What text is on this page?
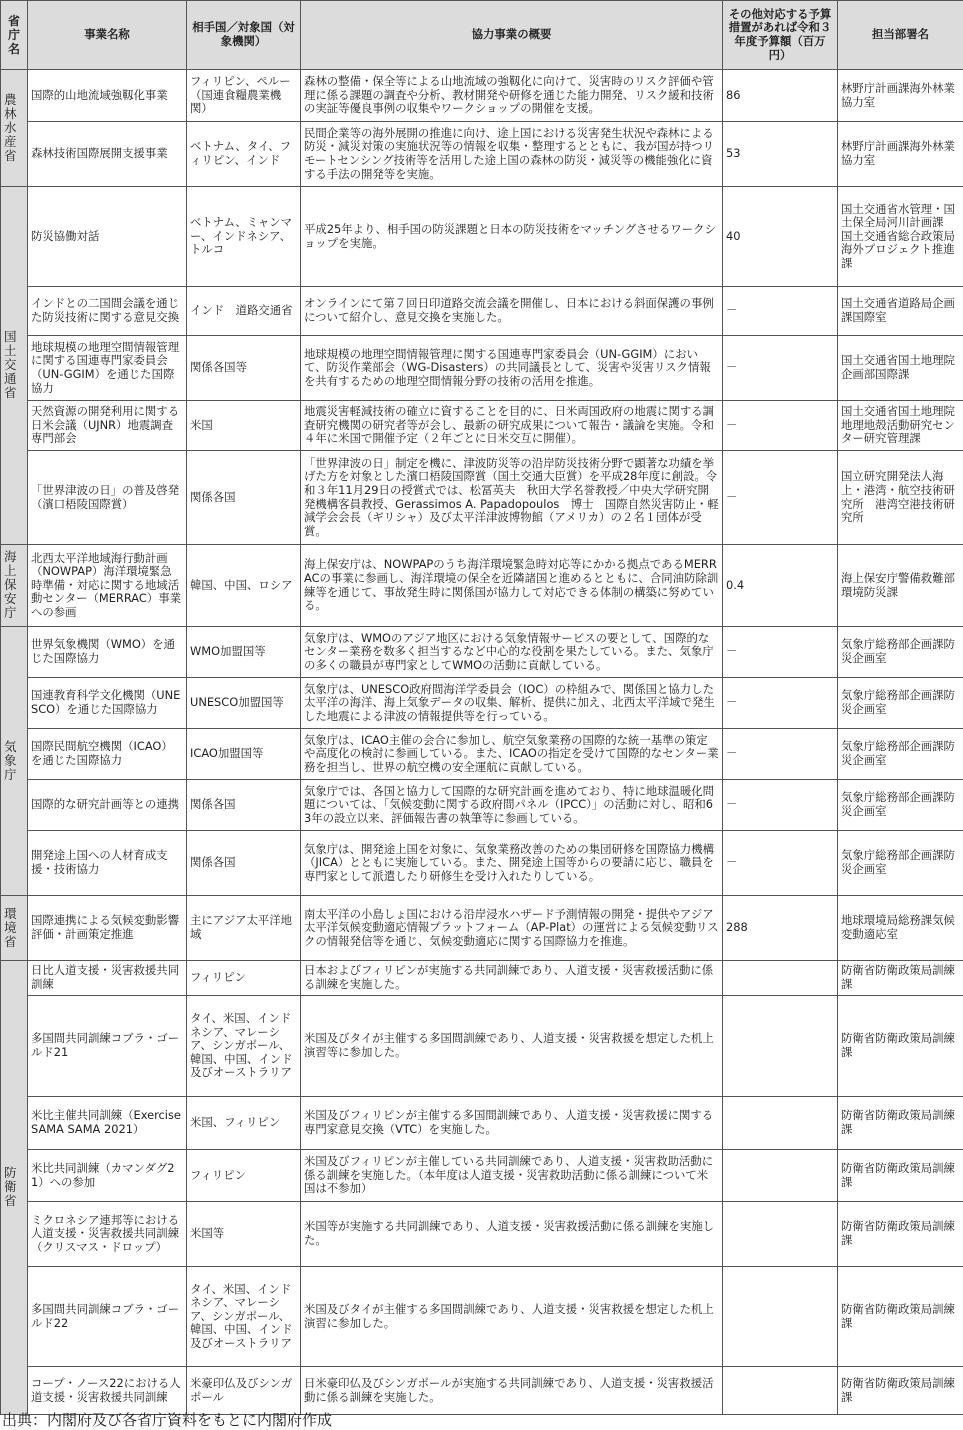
省庁名	事業名称	相手国／対象国（対象機関）	協力事業の概要	その他対応する予算措置があれば令和３年度予算額（百万円）	担当部署名
農林水産省	国際的山地流域強靱化事業	フィリピン、ペルー（国連食糧農業機関）	森林の整備・保全等による山地流域の強靱化に向けて、災害時のリスク評価や管理に係る課題の調査や分析、教材開発や研修を通じた能力開発、リスク緩和技術の実証等優良事例の収集やワークショップの開催を支援。	86	林野庁計画課海外林業協力室
	森林技術国際展開支援事業	ベトナム、タイ、フィリピン、インド	民間企業等の海外展開の推進に向け、途上国における災害発生状況や森林による防災・減災対策の実施状況等の情報を収集・整理するとともに、我が国が持つリモートセンシング技術等を活用した途上国の森林の防災・減災等の機能強化に資する手法の開発等を実施。	53	林野庁計画課海外林業協力室
国土交通省	防災協働対話	ベトナム、ミャンマー、インドネシア、トルコ	平成25年より、相手国の防災課題と日本の防災技術をマッチングさせるワークショップを実施。	40	国土交通省水管理・国土保全局河川計画課　国土交通省総合政策局海外プロジェクト推進課
	インドとの二国間会議を通じた防災技術に関する意見交換	インド　道路交通省	オンラインにて第７回日印道路交流会議を開催し、日本における斜面保護の事例について紹介し、意見交換を実施した。	－	国土交通省道路局企画課国際室
	地球規模の地理空間情報管理に関する国連専門家委員会（UN-GGIM）を通じた国際協力	関係各国等	地球規模の地理空間情報管理に関する国連専門家委員会（UN-GGIM）において、防災作業部会（WG-Disasters）の共同議長として、災害や災害リスク情報を共有するための地理空間情報分野の技術の活用を推進。	－	国土交通省国土地理院企画部国際課
	天然資源の開発利用に関する日米会議（UJNR）地震調査専門部会	米国	地震災害軽減技術の確立に資することを目的に、日米両国政府の地震に関する調査研究機関の研究者等が会し、最新の研究成果について報告・議論を実施。令和４年に米国で開催予定（２年ごとに日米交互に開催）。	－	国土交通省国土地理院地理地殻活動研究センター研究管理課
	「世界津波の日」の普及啓発（濱口梧陵国際賞）	関係各国	「世界津波の日」制定を機に、津波防災等の沿岸防災技術分野で顕著な功績を挙げた方を対象とした濱口梧陵国際賞（国土交通大臣賞）を平成28年度に創設。令和３年11月29日の授賞式では、松冨英夫　秋田大学名誉教授／中央大学研究開発機構客員教授、Gerassimos A. Papadopoulos　博士　国際自然災害防止・軽減学会会長（ギリシャ）及び太平洋津波博物館（アメリカ）の２名１団体が受賞。	－	国立研究開発法人海上・港湾・航空技術研究所　港湾空港技術研究所
海上保安庁	北西太平洋地域海行動計画（NOWPAP）海洋環境緊急時準備・対応に関する地域活動センター（MERRAC）事業への参画	韓国、中国、ロシア	海上保安庁は、NOWPAPのうち海洋環境緊急時対応等にかかる拠点であるMERRACの事業に参画し、海洋環境の保全を近隣諸国と進めるとともに、合同油防除訓練等を通じて、事故発生時に関係国が協力して対応できる体制の構築に努めている。	0.4	海上保安庁警備救難部環境防災課
気象庁	世界気象機関（WMO）を通じた国際協力	WMO加盟国等	気象庁は、WMOのアジア地区における気象情報サービスの要として、国際的なセンター業務を数多く担当するなど中心的な役割を果たしている。また、気象庁の多くの職員が専門家としてWMOの活動に貢献している。	－	気象庁総務部企画課防災企画室
	国連教育科学文化機関（UNESCO）を通じた国際協力	UNESCO加盟国等	気象庁は、UNESCO政府間海洋学委員会（IOC）の枠組みで、関係国と協力した太平洋の海洋、海上気象データの収集、解析、提供に加え、北西太平洋域で発生した地震による津波の情報提供等を行っている。	－	気象庁総務部企画課防災企画室
	国際民間航空機関（ICAO）を通じた国際協力	ICAO加盟国等	気象庁は、ICAO主催の会合に参加し、航空気象業務の国際的な統一基準の策定や高度化の検討に参画している。また、ICAOの指定を受けて国際的なセンター業務を担当し、世界の航空機の安全運航に貢献している。	－	気象庁総務部企画課防災企画室
	国際的な研究計画等との連携	関係各国	気象庁では、各国と協力して国際的な研究計画を進めており、特に地球温暖化問題については、「気候変動に関する政府間パネル（IPCC）」の活動に対し、昭和63年の設立以来、評価報告書の執筆等に参画している。	－	気象庁総務部企画課防災企画室
	開発途上国への人材育成支援・技術協力	関係各国	気象庁は、開発途上国を対象に、気象業務改善のための集団研修を国際協力機構（JICA）とともに実施している。また、開発途上国等からの要請に応じ、職員を専門家として派遣したり研修生を受け入れたりしている。	－	気象庁総務部企画課防災企画室
環境省	国際連携による気候変動影響評価・計画策定推進	主にアジア太平洋地域	南太平洋の小島しょ国における沿岸浸水ハザード予測情報の開発・提供やアジア太平洋気候変動適応情報プラットフォーム（AP-Plat）の運営による気候変動リスクの情報発信等を通じ、気候変動適応に関する国際協力を推進。	288	地球環境局総務課気候変動適応室
防衛省	日比人道支援・災害救援共同訓練	フィリピン	日本およびフィリピンが実施する共同訓練であり、人道支援・災害救援活動に係る訓練を実施した。		防衛省防衛政策局訓練課
	多国間共同訓練コブラ・ゴールド21	タイ、米国、インドネシア、マレーシア、シンガポール、韓国、中国、インド及びオーストラリア	米国及びタイが主催する多国間訓練であり、人道支援・災害救援を想定した机上演習等に参加した。		防衛省防衛政策局訓練課
	米比主催共同訓練（Exercise SAMA SAMA 2021）	米国、フィリピン	米国及びフィリピンが主催する多国間訓練であり、人道支援・災害救援に関する専門家意見交換（VTC）を実施した。		防衛省防衛政策局訓練課
	米比共同訓練（カマンダグ21）への参加	フィリピン	米国及びフィリピンが主催している共同訓練であり、人道支援・災害救助活動に係る訓練を実施した。（本年度は人道支援・災害救助活動に係る訓練について米国は不参加）		防衛省防衛政策局訓練課
	ミクロネシア連邦等における人道支援・災害救援共同訓練（クリスマス・ドロップ）	米国等	米国等が実施する共同訓練であり、人道支援・災害救援活動に係る訓練を実施した。		防衛省防衛政策局訓練課
	多国間共同訓練コブラ・ゴールド22	タイ、米国、インドネシア、マレーシア、シンガポール、韓国、中国、インド及びオーストラリア	米国及びタイが主催する多国間訓練であり、人道支援・災害救援を想定した机上演習に参加した。		防衛省防衛政策局訓練課
	コープ・ノース22における人道支援・災害救援共同訓練	米豪印仏及びシンガポール	日米豪印仏及びシンガポールが実施する共同訓練であり、人道支援・災害救援活動に係る訓練を実施した。		防衛省防衛政策局訓練課
出典：内閣府及び各省庁資料をもとに内閣府作成
